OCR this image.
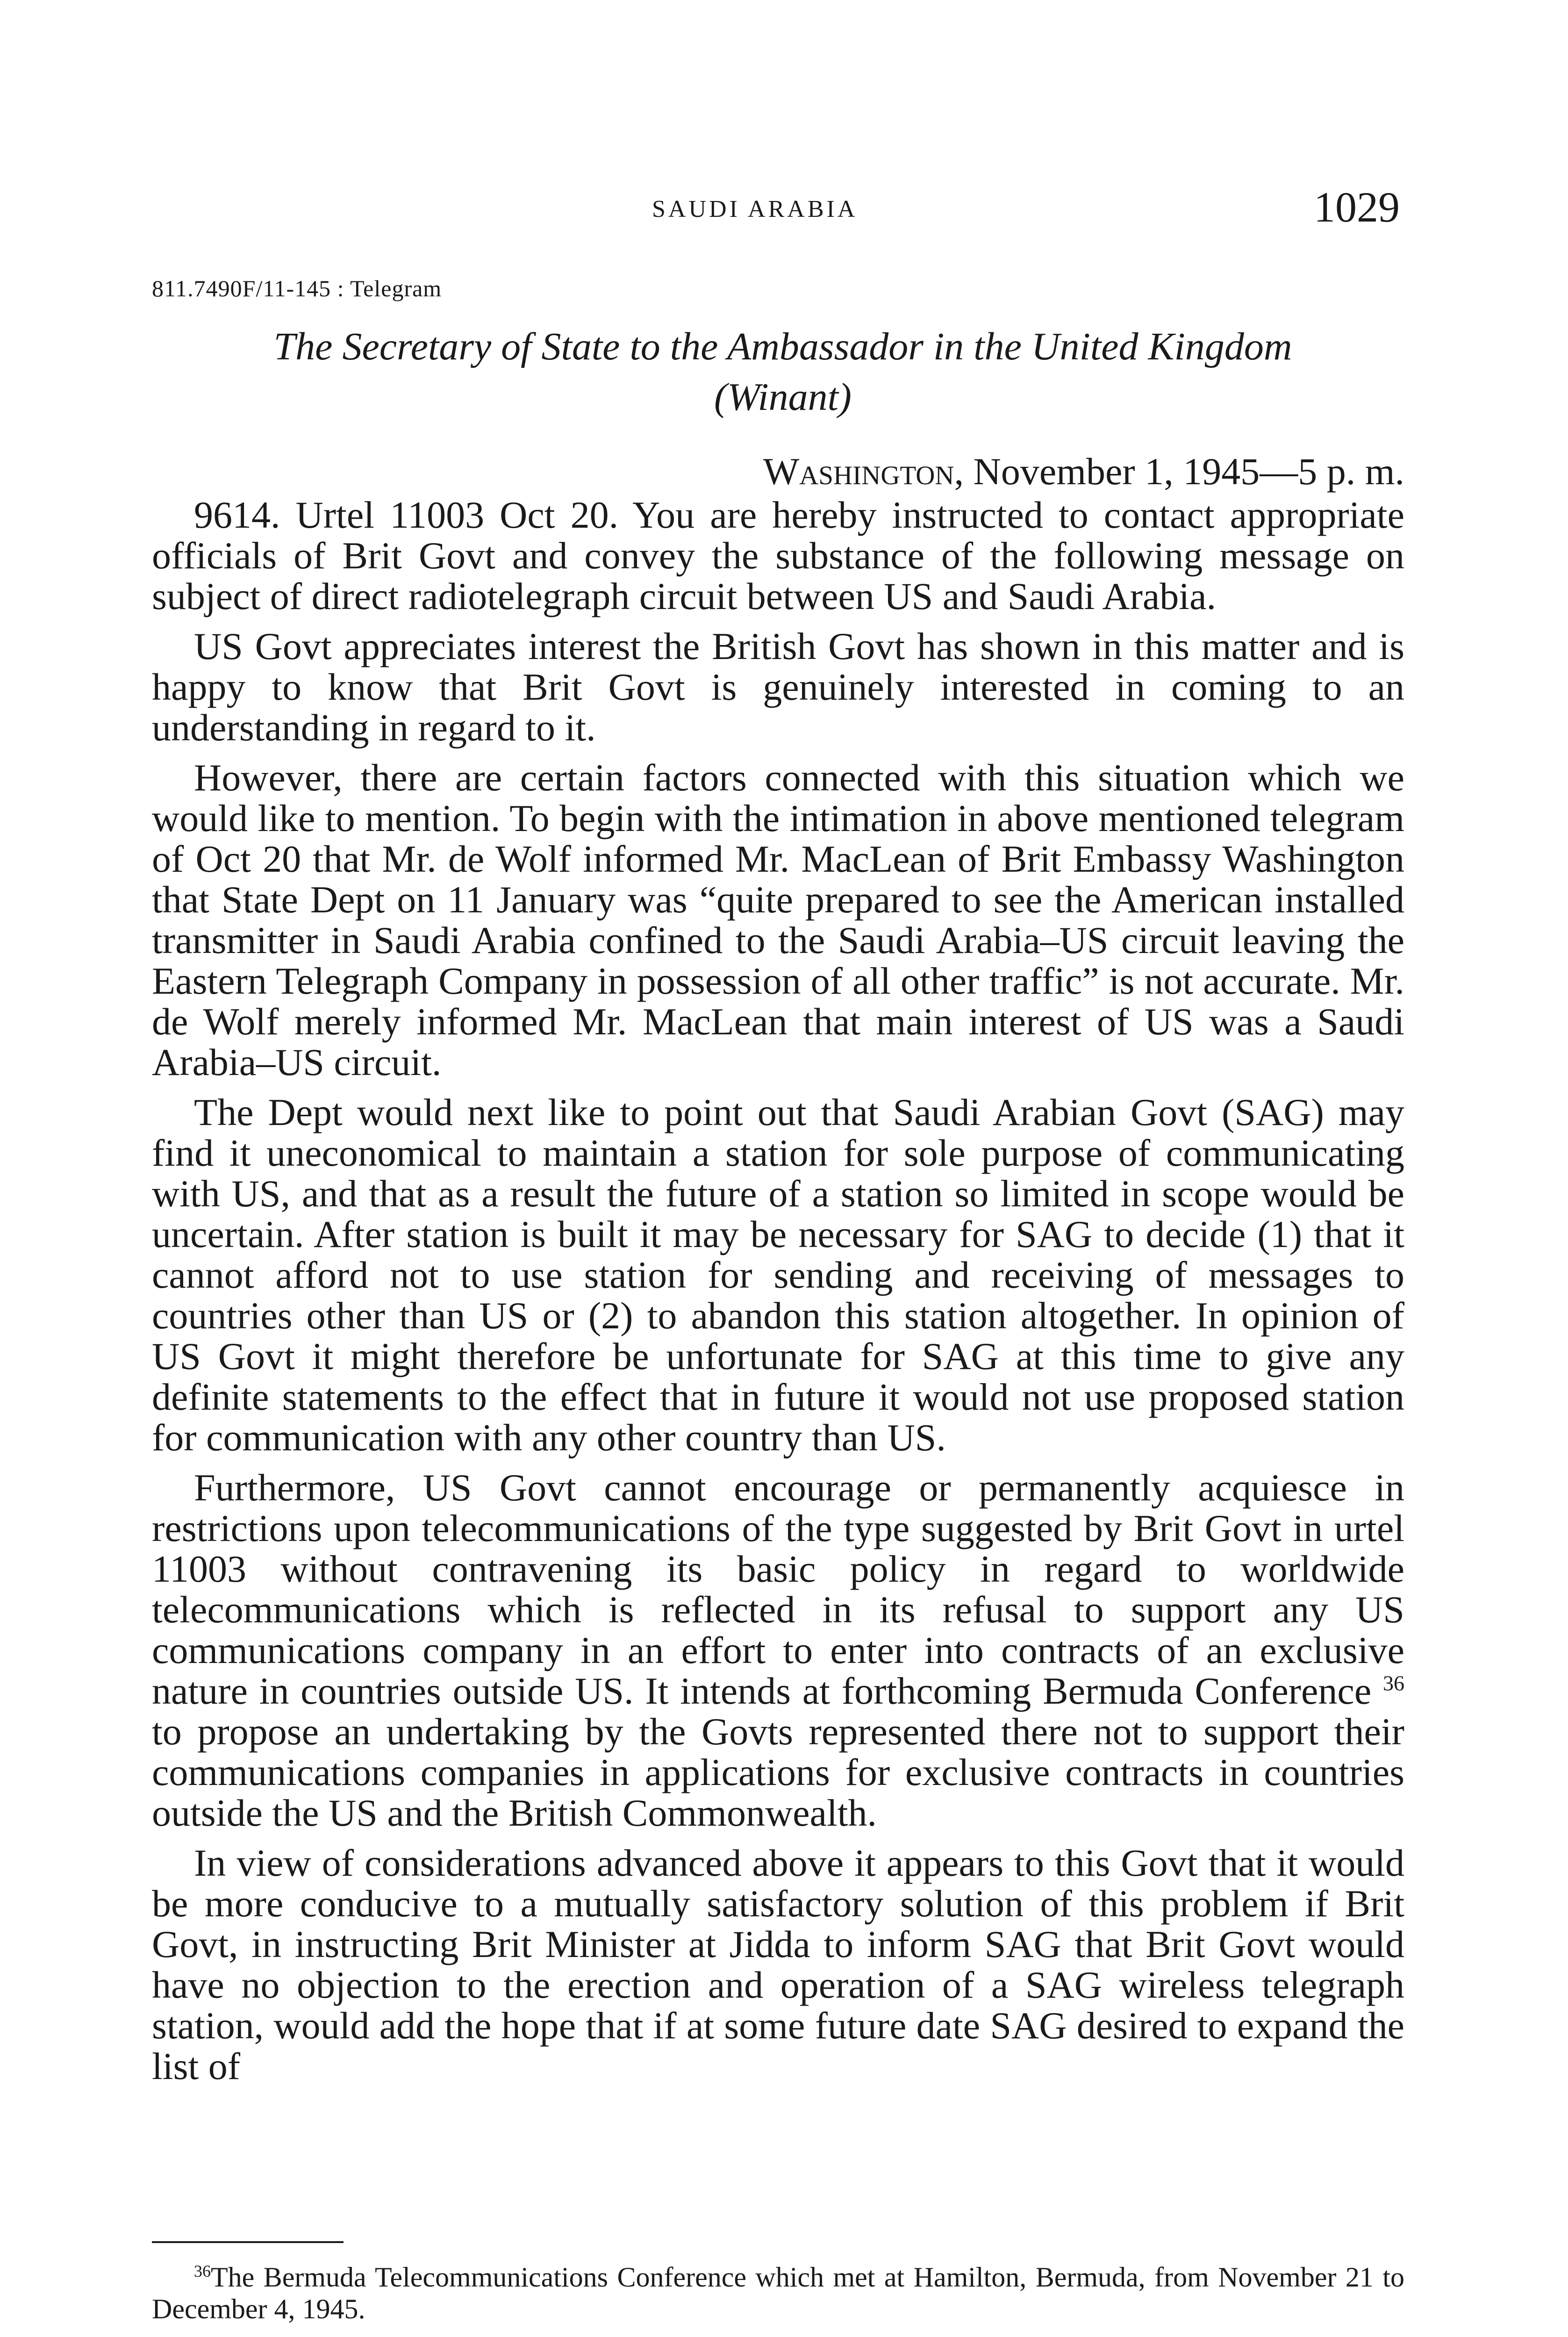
SAUDI ARABIA	1029
811.7490F/11-145 : Telegram
The Secretary of State to the Ambassador in the United Kingdom
(Winant)
Washington, November 1, 1945—5 p. m.

9614. Urtel 11003 Oct 20. You are hereby instructed to contact appropriate officials of Brit Govt and convey the substance of the following message on subject of direct radiotelegraph circuit between US and Saudi Arabia.

US Govt appreciates interest the British Govt has shown in this matter and is happy to know that Brit Govt is genuinely interested in coming to an understanding in regard to it.

However, there are certain factors connected with this situation which we would like to mention. To begin with the intimation in above mentioned telegram of Oct 20 that Mr. de Wolf informed Mr. MacLean of Brit Embassy Washington that State Dept on 11 January was “quite prepared to see the American installed transmitter in Saudi Arabia confined to the Saudi Arabia–US circuit leaving the Eastern Telegraph Company in possession of all other traffic” is not accurate. Mr. de Wolf merely informed Mr. MacLean that main interest of US was a Saudi Arabia–US circuit.

The Dept would next like to point out that Saudi Arabian Govt (SAG) may find it uneconomical to maintain a station for sole purpose of communicating with US, and that as a result the future of a station so limited in scope would be uncertain. After station is built it may be necessary for SAG to decide (1) that it cannot afford not to use station for sending and receiving of messages to countries other than US or (2) to abandon this station altogether. In opinion of US Govt it might therefore be unfortunate for SAG at this time to give any definite statements to the effect that in future it would not use proposed station for communication with any other country than US.

Furthermore, US Govt cannot encourage or permanently acquiesce in restrictions upon telecommunications of the type suggested by Brit Govt in urtel 11003 without contravening its basic policy in regard to worldwide telecommunications which is reflected in its refusal to support any US communications company in an effort to enter into contracts of an exclusive nature in countries outside US. It intends at forthcoming Bermuda Conference $^{36}$ to propose an undertaking by the Govts represented there not to support their communications companies in applications for exclusive contracts in countries outside the US and the British Commonwealth.

In view of considerations advanced above it appears to this Govt that it would be more conducive to a mutually satisfactory solution of this problem if Brit Govt, in instructing Brit Minister at Jidda to inform SAG that Brit Govt would have no objection to the erection and operation of a SAG wireless telegraph station, would add the hope that if at some future date SAG desired to expand the list of

$^{36}$The Bermuda Telecommunications Conference which met at Hamilton, Bermuda, from November 21 to December 4, 1945.
